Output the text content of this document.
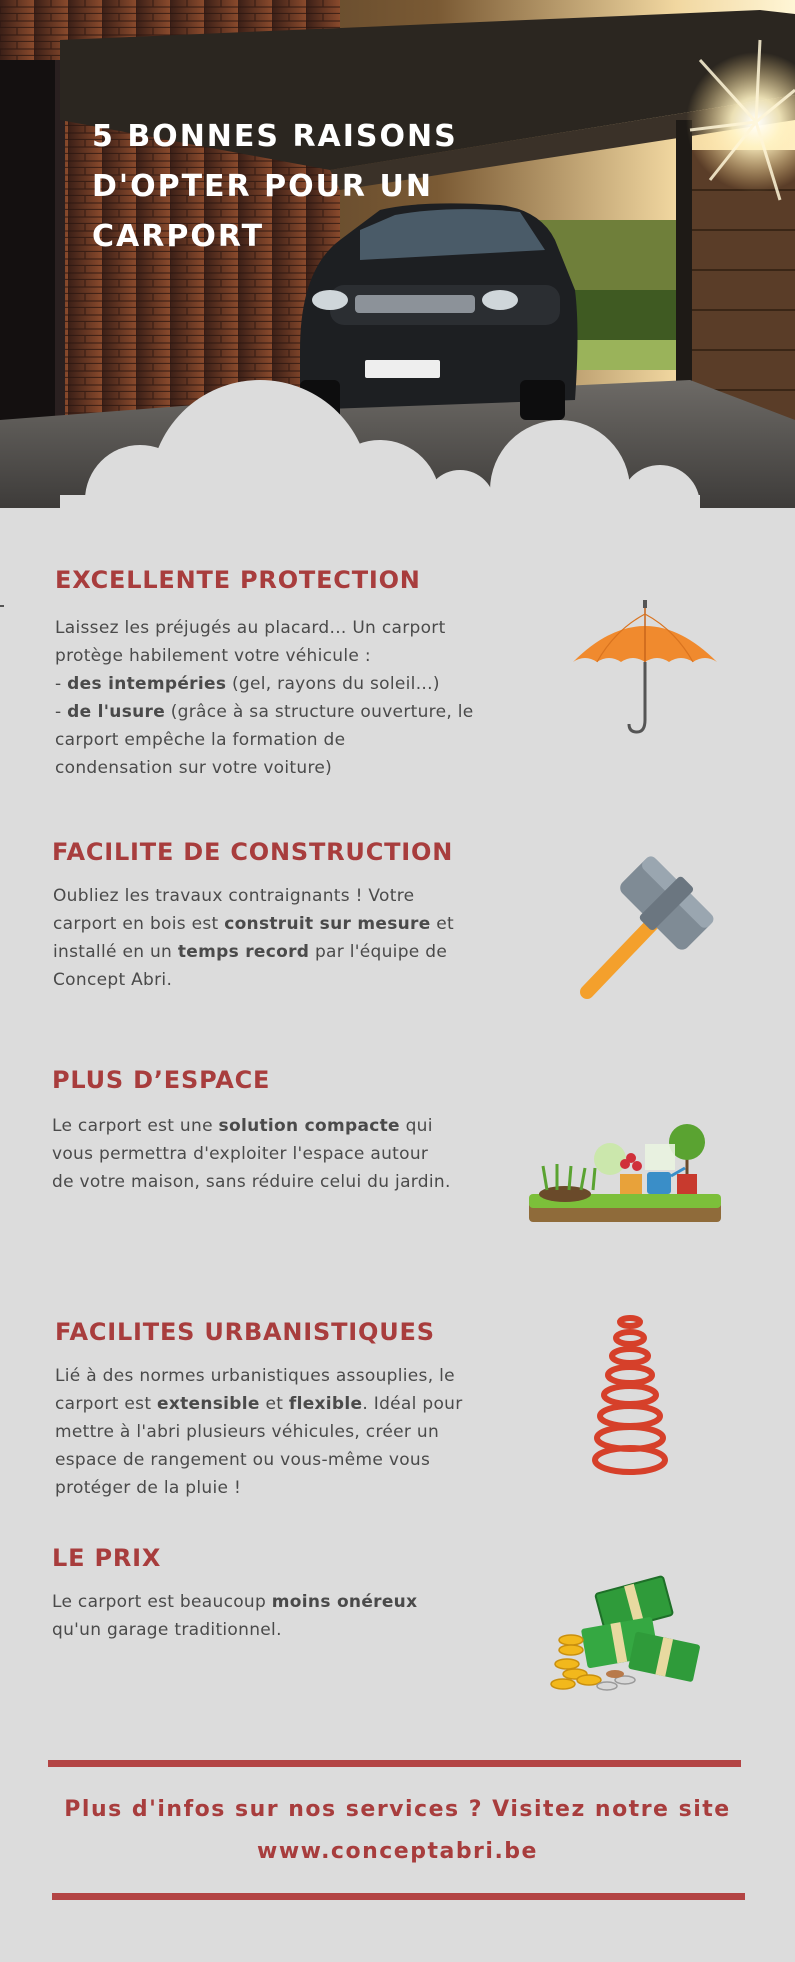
5 BONNES RAISONS
D'OPTER POUR UN
CARPORT
EXCELLENTE PROTECTION
Laissez les préjugés au placard... Un carport
protège habilement votre véhicule :
- des intempéries (gel, rayons du soleil...)
- de l'usure (grâce à sa structure ouverture, le
carport empêche la formation de
condensation sur votre voiture)
FACILITE DE CONSTRUCTION
Oubliez les travaux contraignants ! Votre
carport en bois est construit sur mesure et
installé en un temps record par l'équipe de
Concept Abri.
PLUS D’ESPACE
Le carport est une solution compacte qui
vous permettra d'exploiter l'espace autour
de votre maison, sans réduire celui du jardin.
FACILITES URBANISTIQUES
Lié à des normes urbanistiques assouplies, le
carport est extensible et flexible. Idéal pour
mettre à l'abri plusieurs véhicules, créer un
espace de rangement ou vous-même vous
protéger de la pluie !
LE PRIX
Le carport est beaucoup moins onéreux
qu'un garage traditionnel.

Plus d'infos sur nos services ? Visitez notre site
www.conceptabri.be
